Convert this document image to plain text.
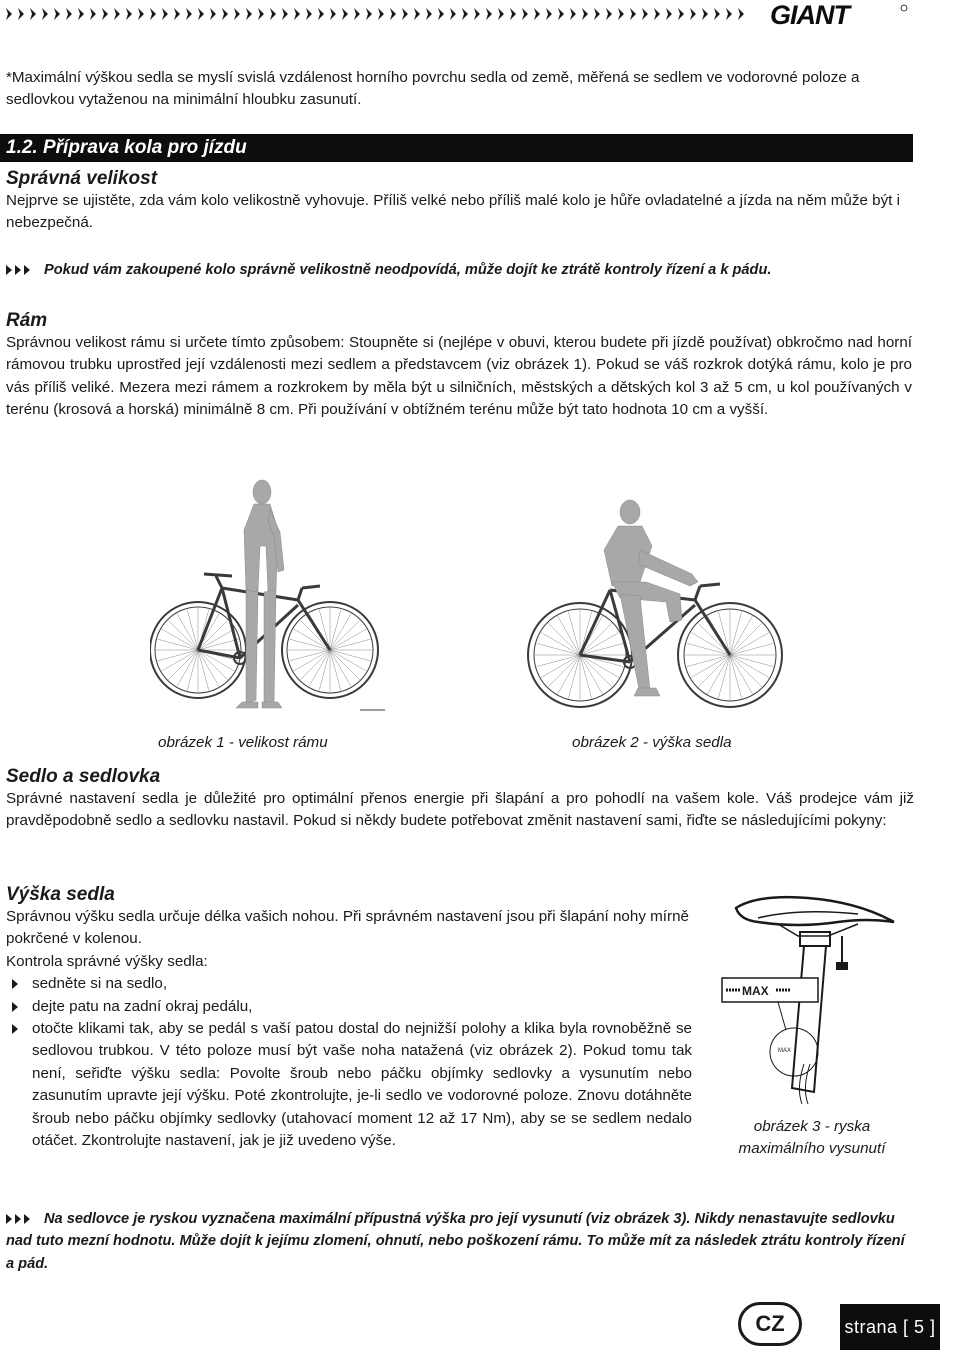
GIANT

*Maximální výškou sedla se myslí svislá vzdálenost horního povrchu sedla od země, měřená se sedlem ve vodorovné poloze a sedlovkou vytaženou na minimální hloubku zasunutí.

1.2. Příprava kola pro jízdu

Správná velikost

Nejprve se ujistěte, zda vám kolo velikostně vyhovuje. Příliš velké nebo příliš malé kolo je hůře ovladatelné a jízda na něm může být i nebezpečná.

Pokud vám zakoupené kolo správně velikostně neodpovídá, může dojít ke ztrátě kontroly řízení a k pádu.

Rám

Správnou velikost rámu si určete tímto způsobem: Stoupněte si (nejlépe v obuvi, kterou budete při jízdě používat) obkročmo nad horní rámovou trubku uprostřed její vzdálenosti mezi sedlem a představcem (viz obrázek 1). Pokud se váš rozkrok dotýká rámu, kolo je pro vás příliš veliké. Mezera mezi rámem a rozkrokem by měla být u silničních, městských a dětských kol 3 až 5 cm, u kol používaných v terénu (krosová a horská) minimálně 8 cm. Při používání v obtížném terénu může být tato hodnota 10 cm a vyšší.

obrázek 1 - velikost rámu	obrázek 2 - výška sedla

Sedlo a sedlovka

Správné nastavení sedla je důležité pro optimální přenos energie při šlapání a pro pohodlí na vašem kole. Váš prodejce vám již pravděpodobně sedlo a sedlovku nastavil. Pokud si někdy budete potřebovat změnit nastavení sami, řiďte se následujícími pokyny:

Výška sedla

Správnou výšku sedla určuje délka vašich nohou. Při správném nastavení jsou při šlapání nohy mírně pokrčené v kolenou.

Kontrola správné výšky sedla:

sedněte si na sedlo,
dejte patu na zadní okraj pedálu,
otočte klikami tak, aby se pedál s vaší patou dostal do nejnižší polohy a klika byla rovnoběžně se sedlovou trubkou. V této poloze musí být vaše noha natažená (viz obrázek 2). Pokud tomu tak není, seřiďte výšku sedla: Povolte šroub nebo páčku objímky sedlovky a vysunutím nebo zasunutím upravte její výšku. Poté zkontrolujte, je-li sedlo ve vodorovné poloze. Znovu dotáhněte šroub nebo páčku objímky sedlovky (utahovací moment 12 až 17 Nm), aby se se sedlem nedalo otáčet. Zkontrolujte nastavení, jak je již uvedeno výše.
MAX
MAX
obrázek 3 - ryska
maximálního vysunutí

Na sedlovce je ryskou vyznačena maximální přípustná výška pro její vysunutí (viz obrázek 3). Nikdy nenastavujte sedlovku nad tuto mezní hodnotu. Může dojít k jejímu zlomení, ohnutí, nebo poškození rámu. To může mít za následek ztrátu kontroly řízení a pád.

CZ	strana [ 5 ]
